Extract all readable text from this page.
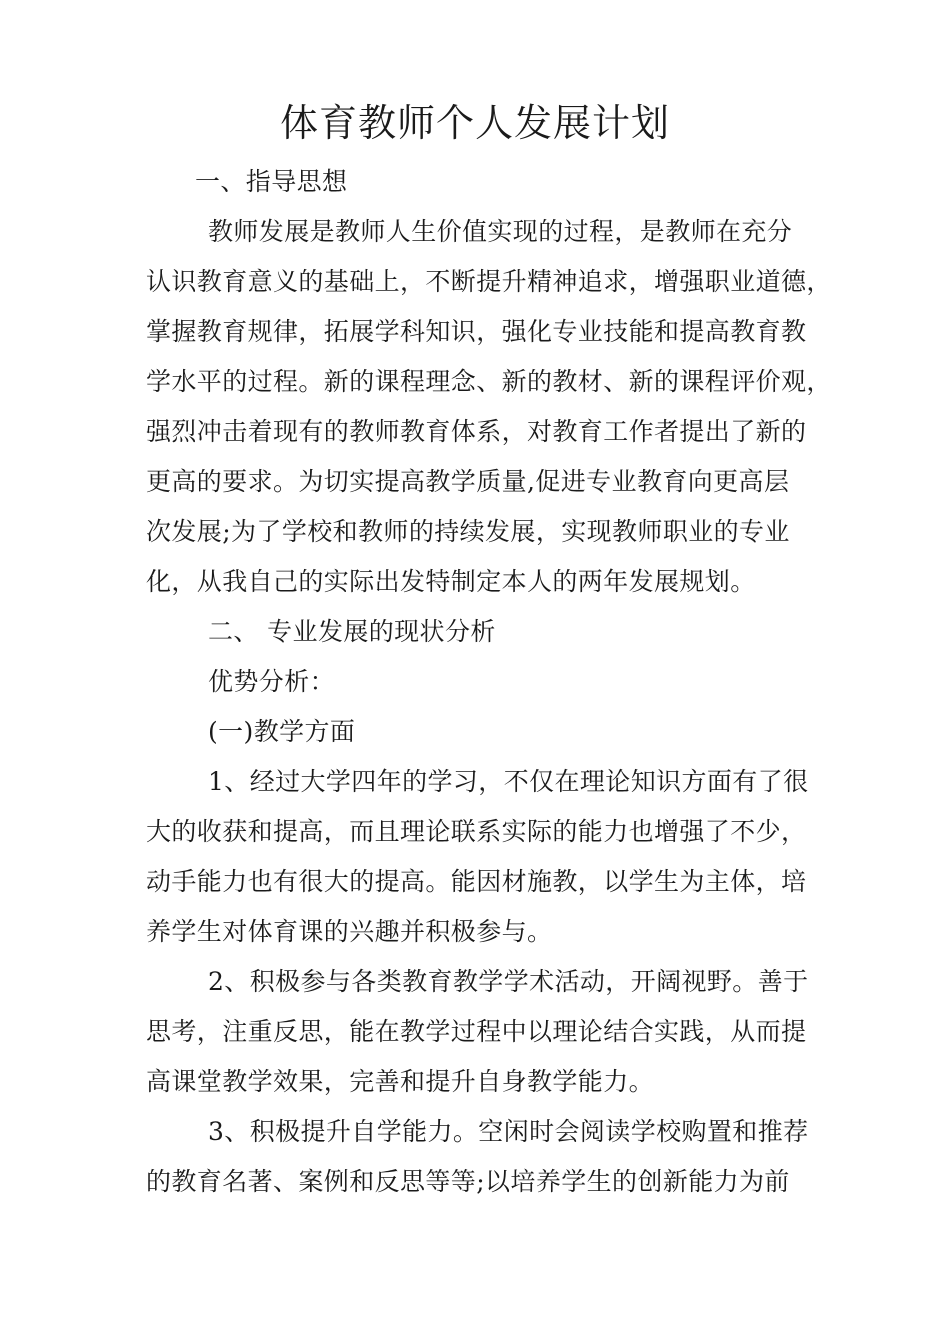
体育教师个人发展计划

一、指导思想

教师发展是教师人生价值实现的过程，是教师在充分

认识教育意义的基础上，不断提升精神追求，增强职业道德，

掌握教育规律，拓展学科知识，强化专业技能和提高教育教

学水平的过程。新的课程理念、新的教材、新的课程评价观，

强烈冲击着现有的教师教育体系，对教育工作者提出了新的

更高的要求。为切实提高教学质量,促进专业教育向更高层

次发展;为了学校和教师的持续发展，实现教师职业的专业

化，从我自己的实际出发特制定本人的两年发展规划。

二、 专业发展的现状分析

优势分析：

(一)教学方面

1、经过大学四年的学习，不仅在理论知识方面有了很

大的收获和提高，而且理论联系实际的能力也增强了不少，

动手能力也有很大的提高。能因材施教，以学生为主体，培

养学生对体育课的兴趣并积极参与。

2、积极参与各类教育教学学术活动，开阔视野。善于

思考，注重反思，能在教学过程中以理论结合实践，从而提

高课堂教学效果，完善和提升自身教学能力。

3、积极提升自学能力。空闲时会阅读学校购置和推荐

的教育名著、案例和反思等等;以培养学生的创新能力为前
